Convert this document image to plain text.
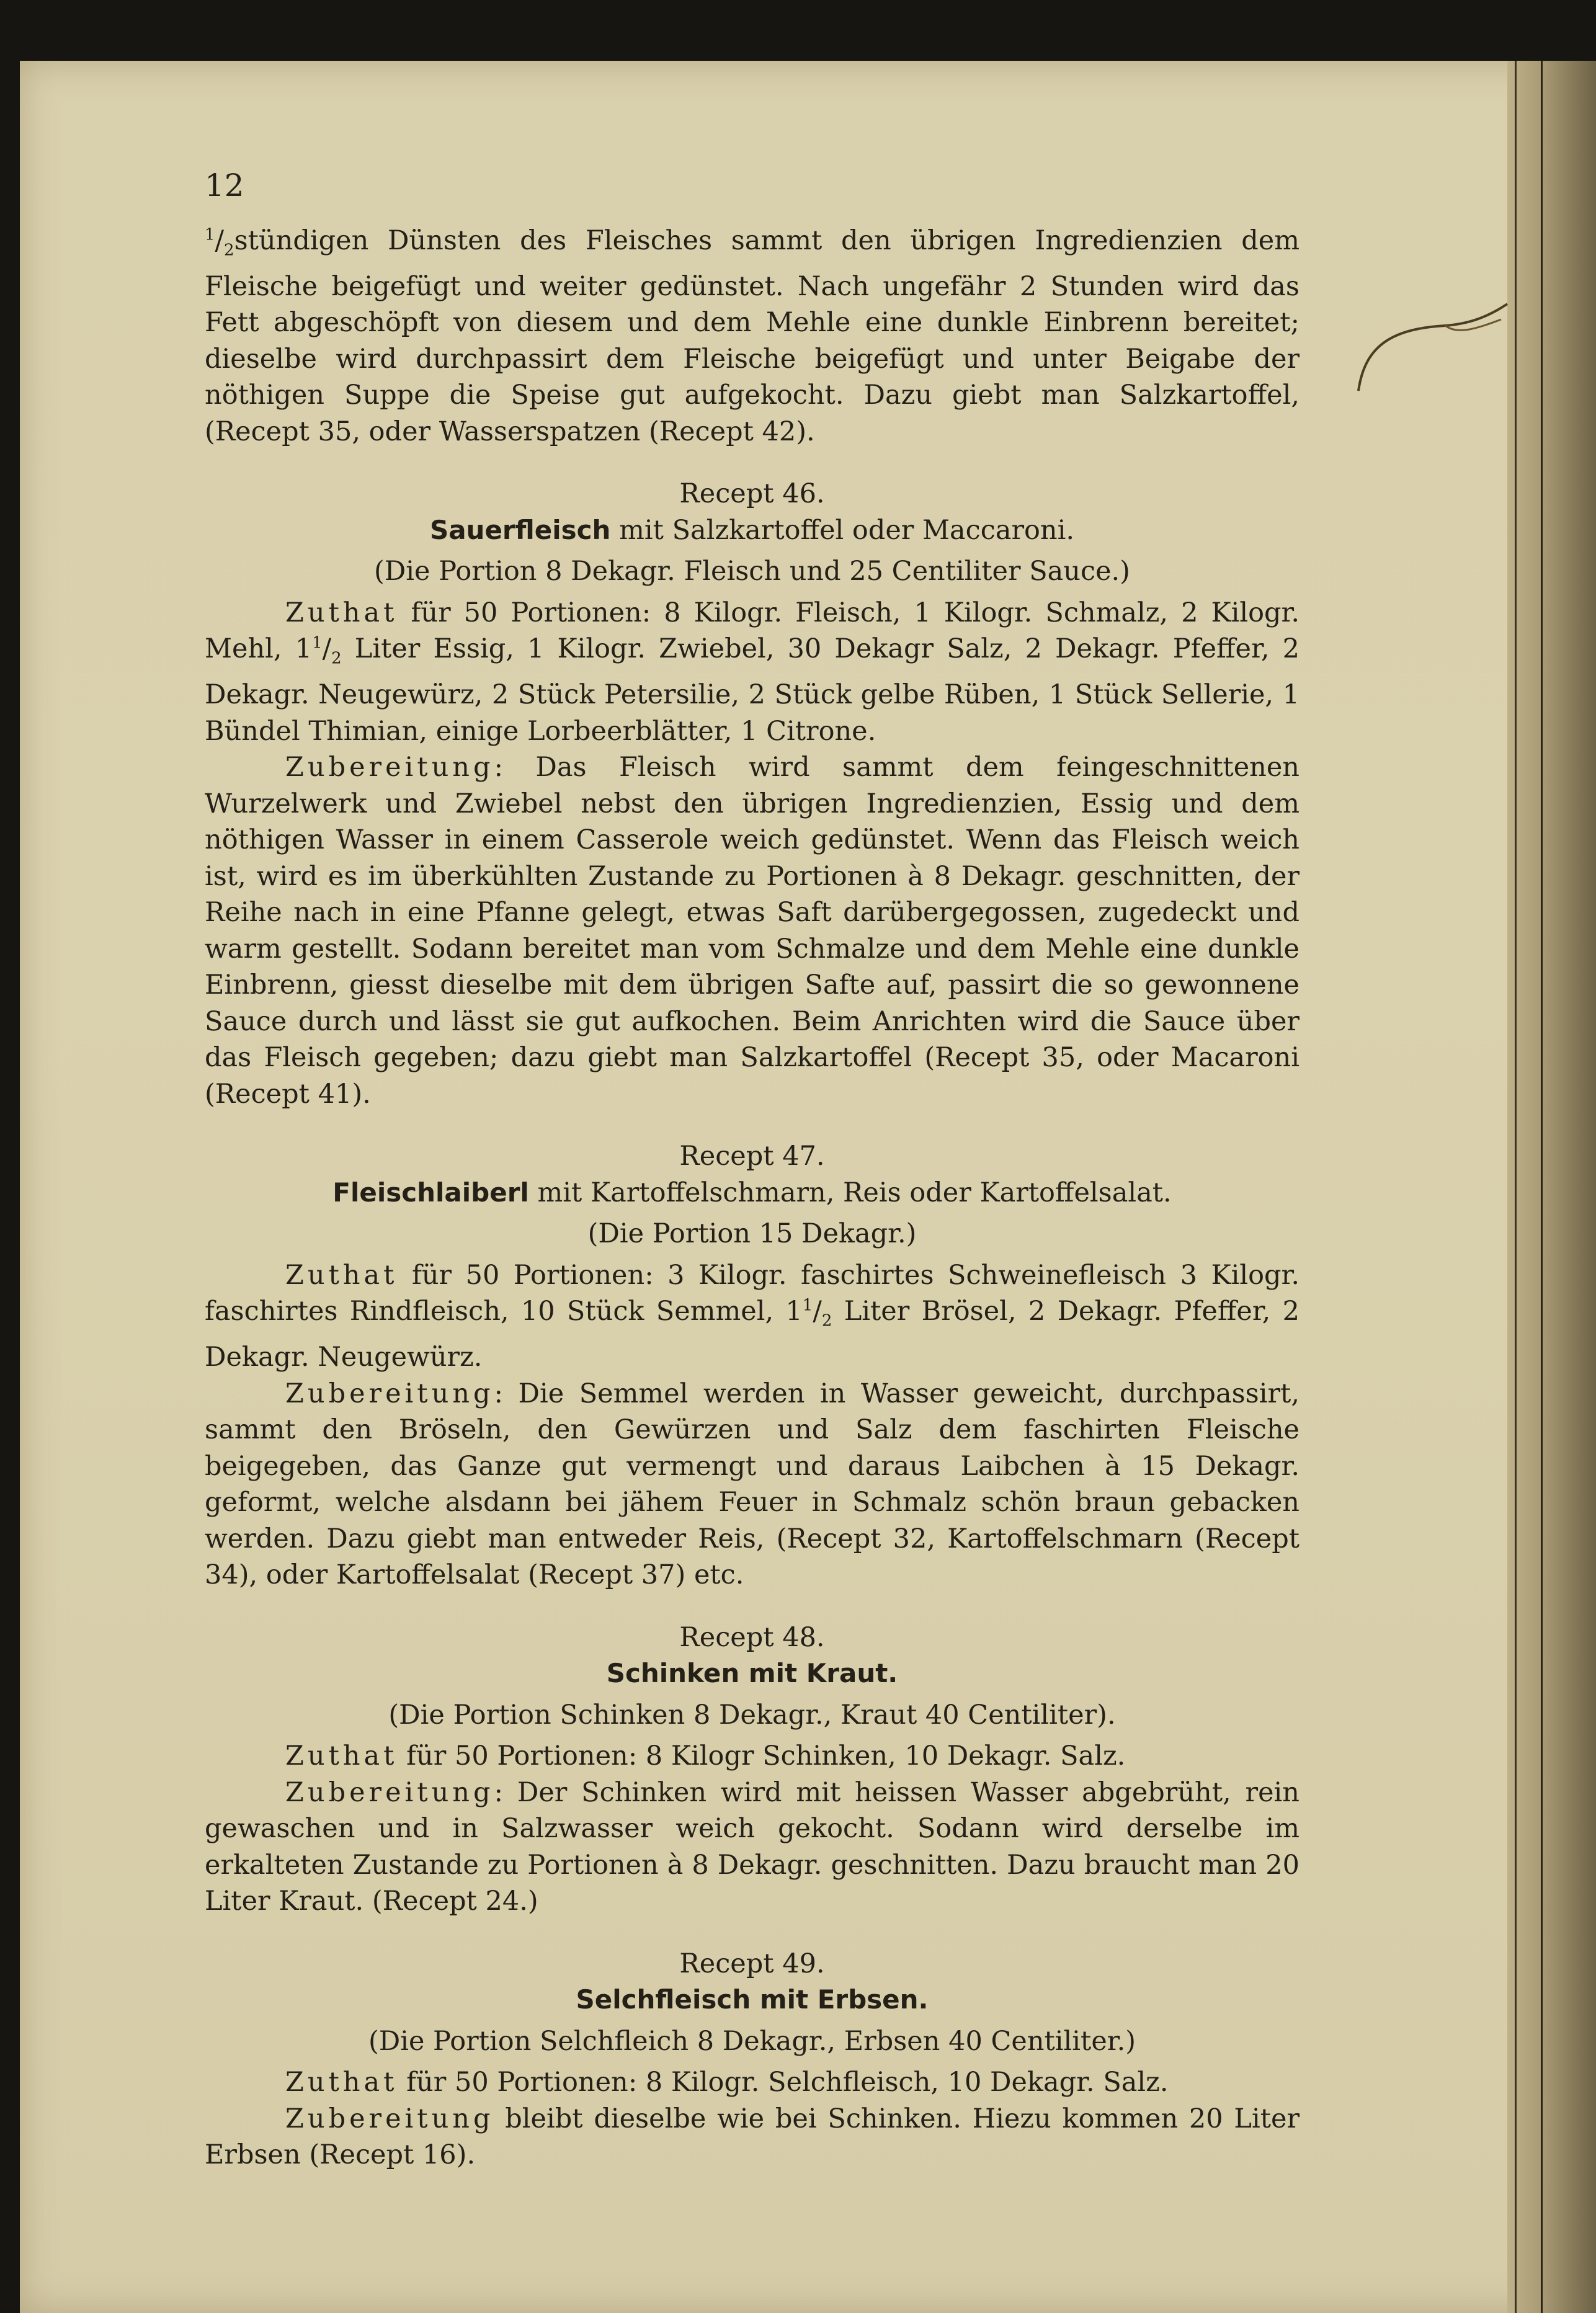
12

$^1/_2stündigen$ Dünsten des Fleisches sammt den übrigen Ingredienzien dem Fleische beigefügt und weiter gedünstet. Nach ungefähr 2 Stunden wird das Fett abgeschöpft von diesem und dem Mehle eine dunkle Einbrenn bereitet; dieselbe wird durchpassirt dem Fleische beigefügt und unter Beigabe der nöthigen Suppe die Speise gut aufgekocht. Dazu giebt man Salzkartoffel, (Recept 35, oder Wasserspatzen (Recept 42).

Recept 46.
Sauerfleisch mit Salzkartoffel oder Maccaroni.
(Die Portion 8 Dekagr. Fleisch und 25 Centiliter Sauce.)

Zuthat für 50 Portionen: 8 Kilogr. Fleisch, 1 Kilogr. Schmalz, 2 Kilogr. Mehl, $1^1/_2$ Liter Essig, 1 Kilogr. Zwiebel, 30 Dekagr Salz, 2 Dekagr. Pfeffer, 2 Dekagr. Neugewürz, 2 Stück Petersilie, 2 Stück gelbe Rüben, 1 Stück Sellerie, 1 Bündel Thimian, einige Lorbeerblätter, 1 Citrone.

Zubereitung: Das Fleisch wird sammt dem feingeschnittenen Wurzelwerk und Zwiebel nebst den übrigen Ingredienzien, Essig und dem nöthigen Wasser in einem Casserole weich gedünstet. Wenn das Fleisch weich ist, wird es im überkühlten Zustande zu Portionen à 8 Dekagr. geschnitten, der Reihe nach in eine Pfanne gelegt, etwas Saft darübergegossen, zugedeckt und warm gestellt. Sodann bereitet man vom Schmalze und dem Mehle eine dunkle Einbrenn, giesst dieselbe mit dem übrigen Safte auf, passirt die so gewonnene Sauce durch und lässt sie gut aufkochen. Beim Anrichten wird die Sauce über das Fleisch gegeben; dazu giebt man Salzkartoffel (Recept 35, oder Macaroni (Recept 41).

Recept 47.
Fleischlaiberl mit Kartoffelschmarn, Reis oder Kartoffelsalat.
(Die Portion 15 Dekagr.)

Zuthat für 50 Portionen: 3 Kilogr. faschirtes Schweinefleisch 3 Kilogr. faschirtes Rindfleisch, 10 Stück Semmel, $1^1/_2$ Liter Brösel, 2 Dekagr. Pfeffer, 2 Dekagr. Neugewürz.

Zubereitung: Die Semmel werden in Wasser geweicht, durchpassirt, sammt den Bröseln, den Gewürzen und Salz dem faschirten Fleische beigegeben, das Ganze gut vermengt und daraus Laibchen à 15 Dekagr. geformt, welche alsdann bei jähem Feuer in Schmalz schön braun gebacken werden. Dazu giebt man entweder Reis, (Recept 32, Kartoffelschmarn (Recept 34), oder Kartoffelsalat (Recept 37) etc.

Recept 48.
Schinken mit Kraut.
(Die Portion Schinken 8 Dekagr., Kraut 40 Centiliter).

Zuthat für 50 Portionen: 8 Kilogr Schinken, 10 Dekagr. Salz.

Zubereitung: Der Schinken wird mit heissen Wasser abgebrüht, rein gewaschen und in Salzwasser weich gekocht. Sodann wird derselbe im erkalteten Zustande zu Portionen à 8 Dekagr. geschnitten. Dazu braucht man 20 Liter Kraut. (Recept 24.)

Recept 49.
Selchfleisch mit Erbsen.
(Die Portion Selchfleich 8 Dekagr., Erbsen 40 Centiliter.)

Zuthat für 50 Portionen: 8 Kilogr. Selchfleisch, 10 Dekagr. Salz.

Zubereitung bleibt dieselbe wie bei Schinken. Hiezu kommen 20 Liter Erbsen (Recept 16).
